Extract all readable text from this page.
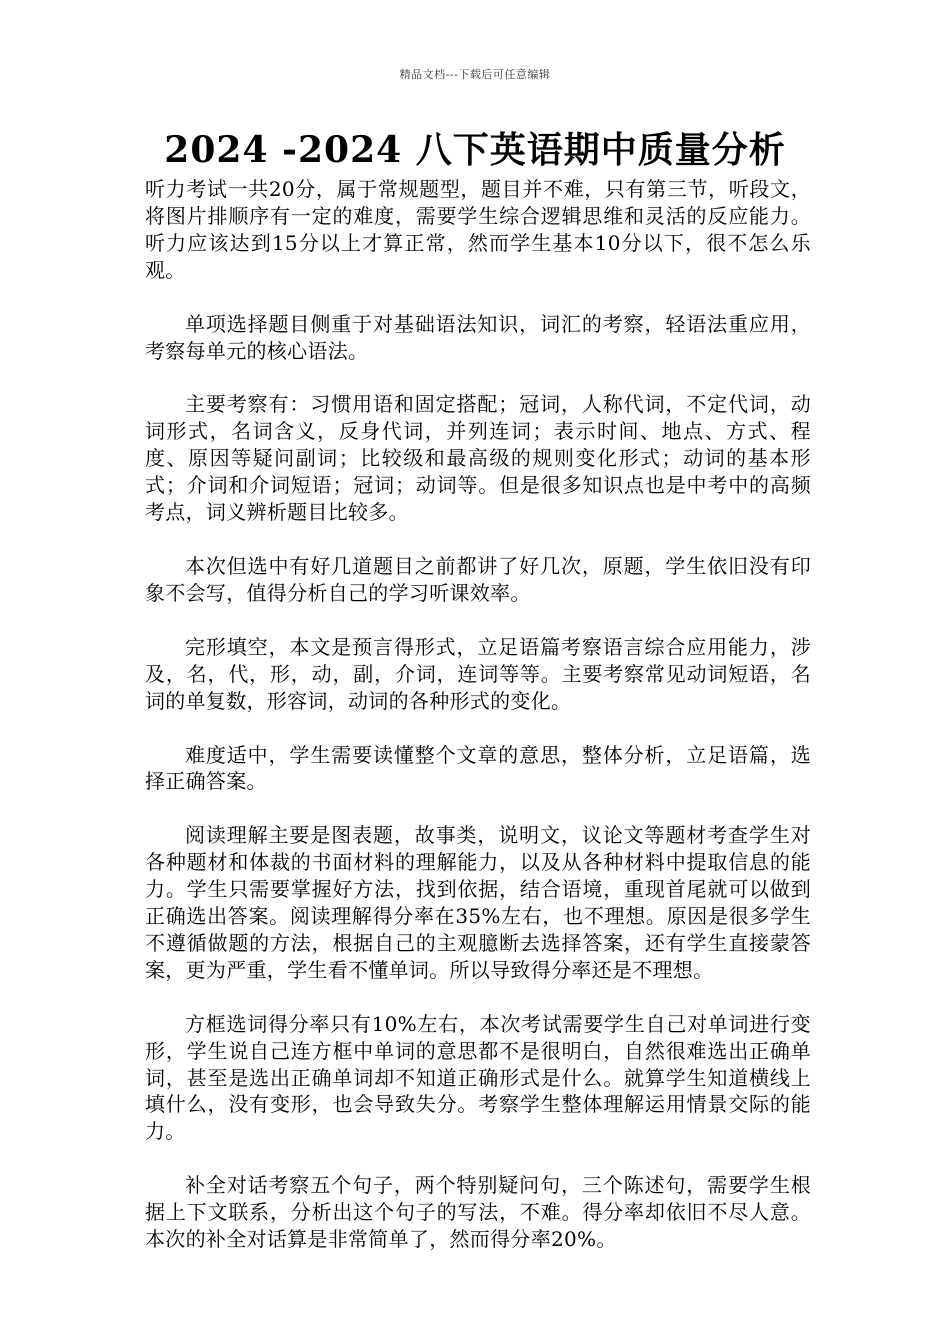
精品文档---下载后可任意编辑
2024 -2024 八下英语期中质量分析

听力考试一共20分，属于常规题型，题目并不难，只有第三节，听段文，将图片排顺序有一定的难度，需要学生综合逻辑思维和灵活的反应能力。听力应该达到15分以上才算正常，然而学生基本10分以下，很不怎么乐观。

单项选择题目侧重于对基础语法知识，词汇的考察，轻语法重应用，考察每单元的核心语法。

主要考察有：习惯用语和固定搭配；冠词，人称代词，不定代词，动词形式，名词含义，反身代词，并列连词；表示时间、地点、方式、程度、原因等疑问副词；比较级和最高级的规则变化形式；动词的基本形式；介词和介词短语；冠词；动词等。但是很多知识点也是中考中的高频考点，词义辨析题目比较多。

本次但选中有好几道题目之前都讲了好几次，原题，学生依旧没有印象不会写，值得分析自己的学习听课效率。

完形填空，本文是预言得形式，立足语篇考察语言综合应用能力，涉及，名，代，形，动，副，介词，连词等等。主要考察常见动词短语，名词的单复数，形容词，动词的各种形式的变化。

难度适中，学生需要读懂整个文章的意思，整体分析，立足语篇，选择正确答案。

阅读理解主要是图表题，故事类，说明文，议论文等题材考查学生对各种题材和体裁的书面材料的理解能力，以及从各种材料中提取信息的能力。学生只需要掌握好方法，找到依据，结合语境，重现首尾就可以做到正确选出答案。阅读理解得分率在35%左右，也不理想。原因是很多学生不遵循做题的方法，根据自己的主观臆断去选择答案，还有学生直接蒙答案，更为严重，学生看不懂单词。所以导致得分率还是不理想。

方框选词得分率只有10%左右，本次考试需要学生自己对单词进行变形，学生说自己连方框中单词的意思都不是很明白，自然很难选出正确单词，甚至是选出正确单词却不知道正确形式是什么。就算学生知道横线上填什么，没有变形，也会导致失分。考察学生整体理解运用情景交际的能力。

补全对话考察五个句子，两个特别疑问句，三个陈述句，需要学生根据上下文联系，分析出这个句子的写法，不难。得分率却依旧不尽人意。本次的补全对话算是非常简单了，然而得分率20%。
